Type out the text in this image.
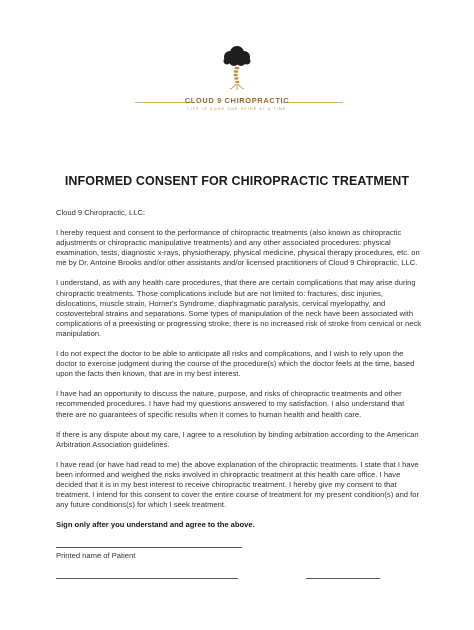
CLOUD 9 CHIROPRACTIC
LIFE IS GOOD ONE SPINE AT A TIME
INFORMED CONSENT FOR CHIROPRACTIC TREATMENT

Cloud 9 Chiropractic, LLC:

I hereby request and consent to the performance of chiropractic treatments (also known as chiropractic adjustments or chiropractic manipulative treatments) and any other associated procedures: physical examination, tests, diagnostic x-rays, physiotherapy, physical medicine, physical therapy procedures, etc. on me by Dr. Antoine Brooks and/or other assistants and/or licensed practitioners of Cloud 9 Chiropractic, LLC.

I understand, as with any health care procedures, that there are certain complications that may arise during chiropractic treatments. Those complications include but are not limited to: fractures, disc injuries, dislocations, muscle strain, Horner's Syndrome, diaphragmatic paralysis, cervical myelopathy, and costovertebral strains and separations. Some types of manipulation of the neck have been associated with complications of a preexisting or progressing stroke; there is no increased risk of stroke from cervical or neck manipulation.

I do not expect the doctor to be able to anticipate all risks and complications, and I wish to rely upon the doctor to exercise judgment during the course of the procedure(s) which the doctor feels at the time, based upon the facts then known, that are in my best interest.

I have had an opportunity to discuss the nature, purpose, and risks of chiropractic treatments and other recommended procedures. I have had my questions answered to my satisfaction. I also understand that there are no guarantees of specific results when it comes to human health and health care.

If there is any dispute about my care, I agree to a resolution by binding arbitration according to the American Arbitration Association guidelines.

I have read (or have had read to me) the above explanation of the chiropractic treatments. I state that I have been informed and weighed the risks involved in chiropractic treatment at this health care office. I have decided that it is in my best interest to receive chiropractic treatment. I hereby give my consent to that treatment. I intend for this consent to cover the entire course of treatment for my present condition(s) and for any future conditions(s) for which I seek treatment.

Sign only after you understand and agree to the above.

Printed name of Patient
